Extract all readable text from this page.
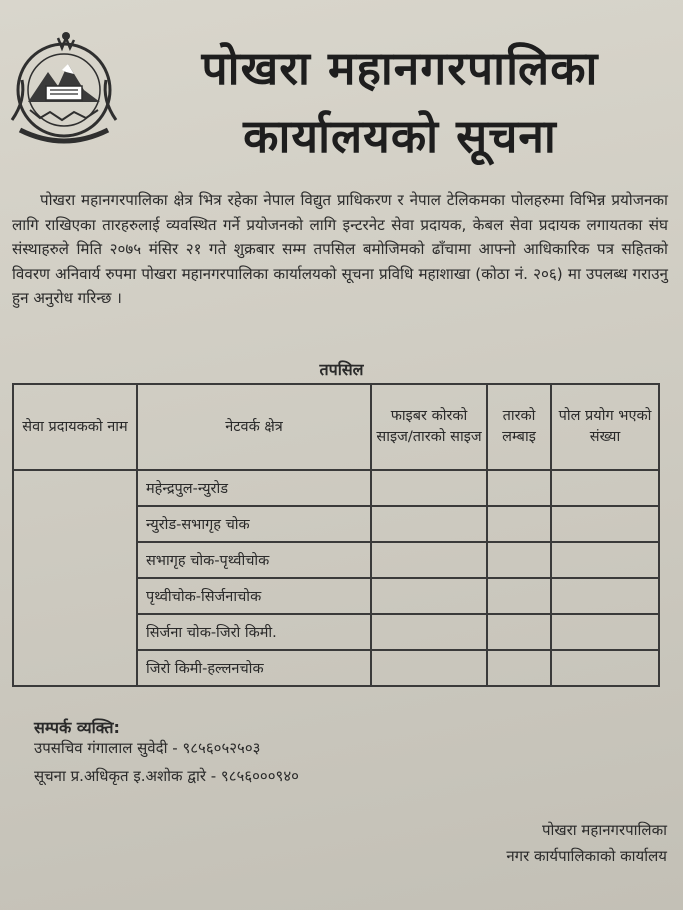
पोखरा महानगरपालिका
कार्यालयको सूचना
पोखरा महानगरपालिका क्षेत्र भित्र रहेका नेपाल विद्युत प्राधिकरण र नेपाल टेलिकमका पोलहरुमा विभिन्न प्रयोजनका लागि राखिएका तारहरुलाई व्यवस्थित गर्ने प्रयोजनको लागि इन्टरनेट सेवा प्रदायक, केबल सेवा प्रदायक लगायतका संघ संस्थाहरुले मिति २०७५ मंसिर २१ गते शुक्रबार सम्म तपसिल बमोजिमको ढाँचामा आफ्नो आधिकारिक पत्र सहितको विवरण अनिवार्य रुपमा पोखरा महानगरपालिका कार्यालयको सूचना प्रविधि महाशाखा (कोठा नं. २०६) मा उपलब्ध गराउनु हुन अनुरोध गरिन्छ ।
तपसिल
सेवा प्रदायकको नाम	नेटवर्क क्षेत्र	फाइबर कोरको साइज/तारको साइज	तारको लम्बाइ	पोल प्रयोग भएको संख्या
	महेन्द्रपुल-न्युरोड			
	न्युरोड-सभागृह चोक			
	सभागृह चोक-पृथ्वीचोक			
	पृथ्वीचोक-सिर्जनाचोक			
	सिर्जना चोक-जिरो किमी.			
	जिरो किमी-हल्लनचोक			
सम्पर्क व्यक्ति:
उपसचिव गंगालाल सुवेदी - ९८५६०५२५०३
सूचना प्र.अधिकृत इ.अशोक द्वारे - ९८५६०००९४०
पोखरा महानगरपालिका
नगर कार्यपालिकाको कार्यालय
